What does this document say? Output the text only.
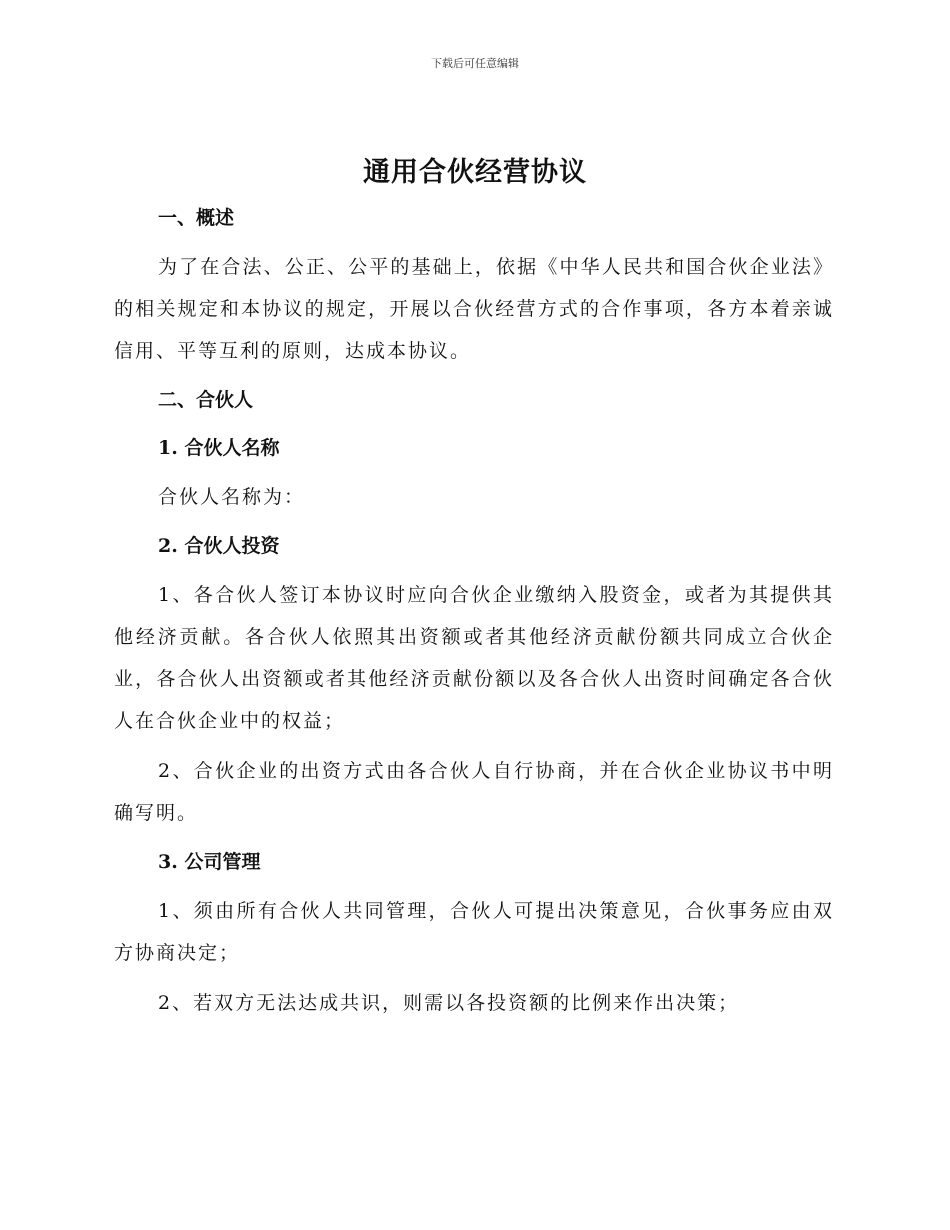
下载后可任意编辑
通用合伙经营协议
一、概述
为了在合法、公正、公平的基础上，依据《中华人民共和国合伙企业法》的相关规定和本协议的规定，开展以合伙经营方式的合作事项，各方本着亲诚信用、平等互利的原则，达成本协议。
二、合伙人
1. 合伙人名称
合伙人名称为：
2. 合伙人投资
1、各合伙人签订本协议时应向合伙企业缴纳入股资金，或者为其提供其他经济贡献。各合伙人依照其出资额或者其他经济贡献份额共同成立合伙企业，各合伙人出资额或者其他经济贡献份额以及各合伙人出资时间确定各合伙人在合伙企业中的权益；
2、合伙企业的出资方式由各合伙人自行协商，并在合伙企业协议书中明确写明。
3. 公司管理
1、须由所有合伙人共同管理，合伙人可提出决策意见，合伙事务应由双方协商决定；
2、若双方无法达成共识，则需以各投资额的比例来作出决策；
